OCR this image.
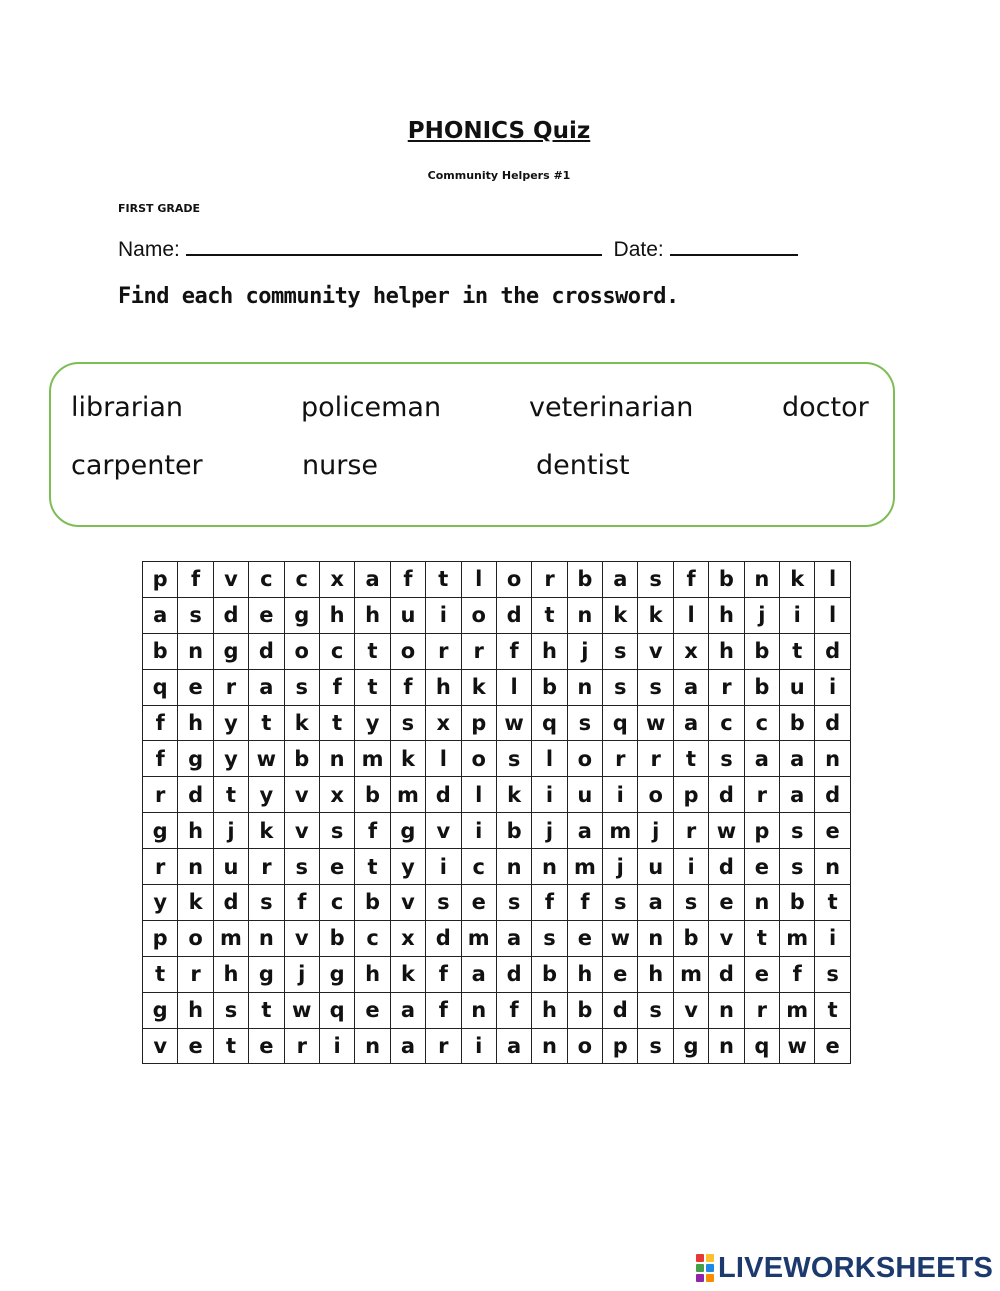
PHONICS Quiz
Community Helpers #1
FIRST GRADE
Name:	Date:
Find each community helper in the crossword.
librarian	policeman	veterinarian	doctor
carpenter	nurse	dentist
p	f	v	c	c	x	a	f	t	l	o	r	b	a	s	f	b	n	k	l
a	s	d	e	g	h	h	u	i	o	d	t	n	k	k	l	h	j	i	l
b	n	g	d	o	c	t	o	r	r	f	h	j	s	v	x	h	b	t	d
q	e	r	a	s	f	t	f	h	k	l	b	n	s	s	a	r	b	u	i
f	h	y	t	k	t	y	s	x	p	w	q	s	q	w	a	c	c	b	d
f	g	y	w	b	n	m	k	l	o	s	l	o	r	r	t	s	a	a	n
r	d	t	y	v	x	b	m	d	l	k	i	u	i	o	p	d	r	a	d
g	h	j	k	v	s	f	g	v	i	b	j	a	m	j	r	w	p	s	e
r	n	u	r	s	e	t	y	i	c	n	n	m	j	u	i	d	e	s	n
y	k	d	s	f	c	b	v	s	e	s	f	f	s	a	s	e	n	b	t
p	o	m	n	v	b	c	x	d	m	a	s	e	w	n	b	v	t	m	i
t	r	h	g	j	g	h	k	f	a	d	b	h	e	h	m	d	e	f	s
g	h	s	t	w	q	e	a	f	n	f	h	b	d	s	v	n	r	m	t
v	e	t	e	r	i	n	a	r	i	a	n	o	p	s	g	n	q	w	e
LIVEWORKSHEETS
